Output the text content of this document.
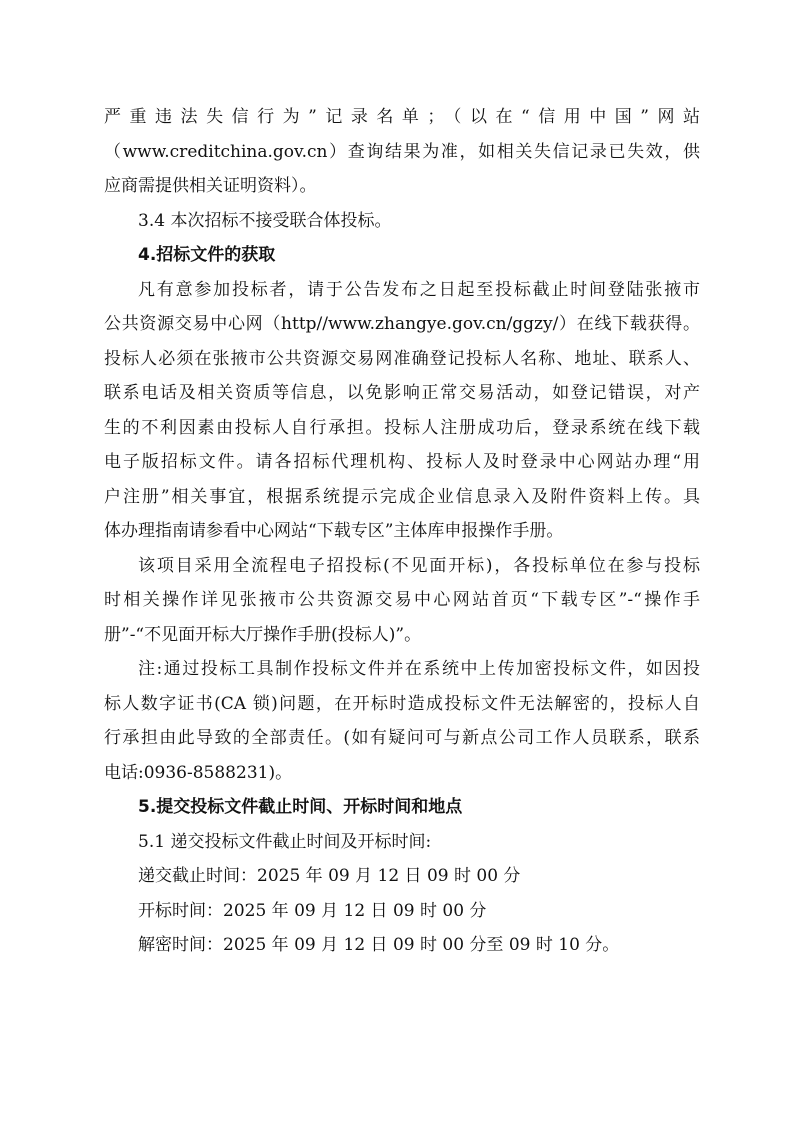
严重违法失信行为”记录名单；（以在“信用中国”网站
（www.creditchina.gov.cn）查询结果为准，如相关失信记录已失效，供
应商需提供相关证明资料）。
3.4 本次招标不接受联合体投标。
4.招标文件的获取
凡有意参加投标者，请于公告发布之日起至投标截止时间登陆张掖市
公共资源交易中心网（http//www.zhangye.gov.cn/ggzy/）在线下载获得。
投标人必须在张掖市公共资源交易网准确登记投标人名称、地址、联系人、
联系电话及相关资质等信息，以免影响正常交易活动，如登记错误，对产
生的不利因素由投标人自行承担。投标人注册成功后，登录系统在线下载
电子版招标文件。请各招标代理机构、投标人及时登录中心网站办理“用
户注册”相关事宜，根据系统提示完成企业信息录入及附件资料上传。具
体办理指南请参看中心网站“下载专区”主体库申报操作手册。
该项目采用全流程电子招投标(不见面开标)，各投标单位在参与投标
时相关操作详见张掖市公共资源交易中心网站首页“下载专区”-“操作手
册”-“不见面开标大厅操作手册(投标人)”。
注:通过投标工具制作投标文件并在系统中上传加密投标文件，如因投
标人数字证书(CA 锁)问题，在开标时造成投标文件无法解密的，投标人自
行承担由此导致的全部责任。(如有疑问可与新点公司工作人员联系，联系
电话:0936-8588231)。
5.提交投标文件截止时间、开标时间和地点
5.1 递交投标文件截止时间及开标时间:
递交截止时间：2025 年 09 月 12 日 09 时 00 分
开标时间：2025 年 09 月 12 日 09 时 00 分
解密时间：2025 年 09 月 12 日 09 时 00 分至 09 时 10 分。
